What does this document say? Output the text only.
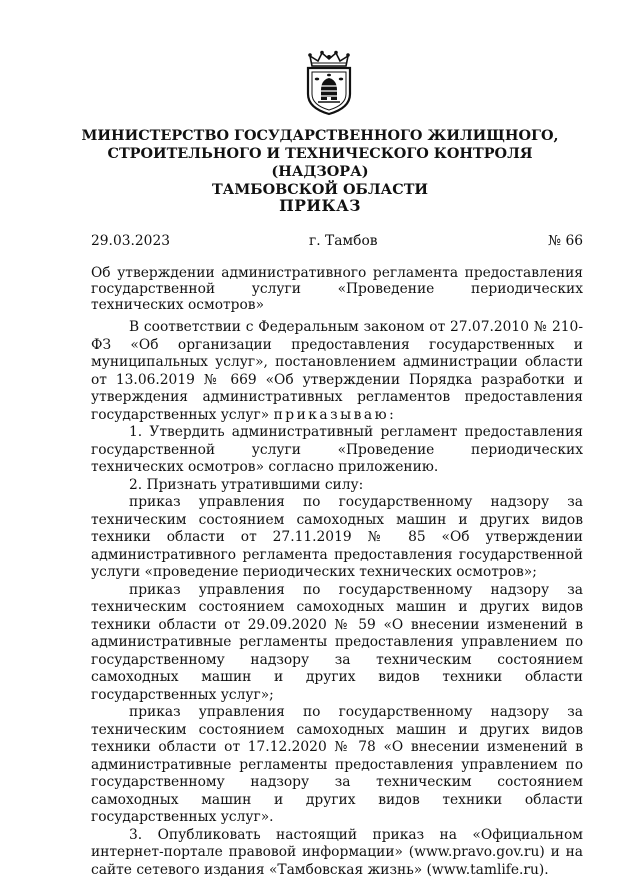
МИНИСТЕРСТВО ГОСУДАРСТВЕННОГО ЖИЛИЩНОГО,
СТРОИТЕЛЬНОГО И ТЕХНИЧЕСКОГО КОНТРОЛЯ (НАДЗОРА)
ТАМБОВСКОЙ ОБЛАСТИ
ПРИКАЗ
29.03.2023	г. Тамбов	№ 66
Об утверждении административного регламента предоставления государственной услуги «Проведение периодических технических осмотров»

В соответствии с Федеральным законом от 27.07.2010 № 210-ФЗ «Об организации предоставления государственных и муниципальных услуг», постановлением администрации области от 13.06.2019 № 669 «Об утверждении Порядка разработки и утверждения административных регламентов предоставления государственных услуг» приказываю:

1. Утвердить административный регламент предоставления государственной услуги «Проведение периодических технических осмотров» согласно приложению.

2. Признать утратившими силу:

приказ управления по государственному надзору за техническим состоянием самоходных машин и других видов техники области от 27.11.2019 № 85 «Об утверждении административного регламента предоставления государственной услуги «проведение периодических технических осмотров»;

приказ управления по государственному надзору за техническим состоянием самоходных машин и других видов техники области от 29.09.2020 № 59 «О внесении изменений в административные регламенты предоставления управлением по государственному надзору за техническим состоянием самоходных машин и других видов техники области государственных услуг»;

приказ управления по государственному надзору за техническим состоянием самоходных машин и других видов техники области от 17.12.2020 № 78 «О внесении изменений в административные регламенты предоставления управлением по государственному надзору за техническим состоянием самоходных машин и других видов техники области государственных услуг».

3. Опубликовать настоящий приказ на «Официальном интернет-портале правовой информации» (www.pravo.gov.ru) и на сайте сетевого издания «Тамбовская жизнь» (www.tamlife.ru).
